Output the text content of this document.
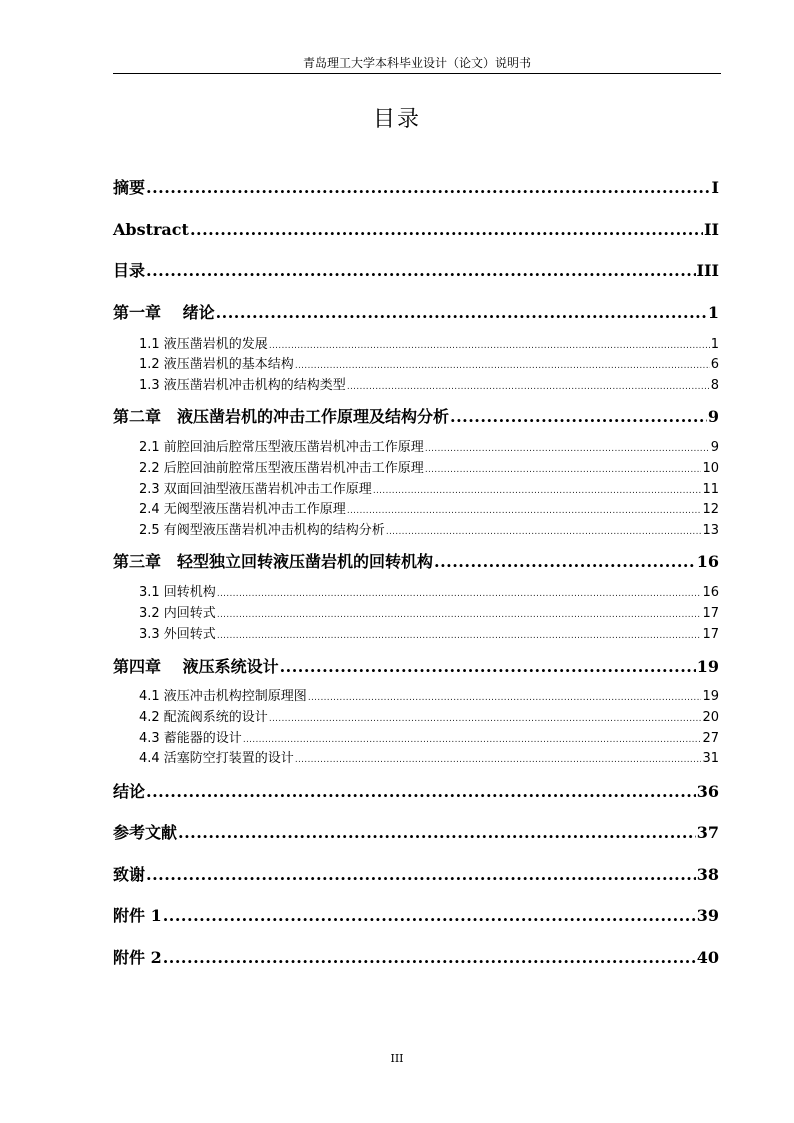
青岛理工大学本科毕业设计（论文）说明书
目录
摘要 .....	I
Abstract .....	II
目录 .....	III
第一章　 绪论 .....	1
1.1 液压凿岩机的发展 .....	1
1.2 液压凿岩机的基本结构 .....	6
1.3 液压凿岩机冲击机构的结构类型 .....	8
第二章　液压凿岩机的冲击工作原理及结构分析 .....	9
2.1 前腔回油后腔常压型液压凿岩机冲击工作原理 .....	9
2.2 后腔回油前腔常压型液压凿岩机冲击工作原理 .....	10
2.3 双面回油型液压凿岩机冲击工作原理 .....	11
2.4 无阀型液压凿岩机冲击工作原理 .....	12
2.5 有阀型液压凿岩机冲击机构的结构分析 .....	13
第三章　轻型独立回转液压凿岩机的回转机构 .....	16
3.1 回转机构 .....	16
3.2 内回转式 .....	17
3.3 外回转式 .....	17
第四章　 液压系统设计 .....	19
4.1 液压冲击机构控制原理图 .....	19
4.2 配流阀系统的设计 .....	20
4.3 蓄能器的设计 .....	27
4.4 活塞防空打装置的设计 .....	31
结论 .....	36
参考文献 .....	37
致谢 .....	38
附件 1 .....	39
附件 2 .....	40
III
